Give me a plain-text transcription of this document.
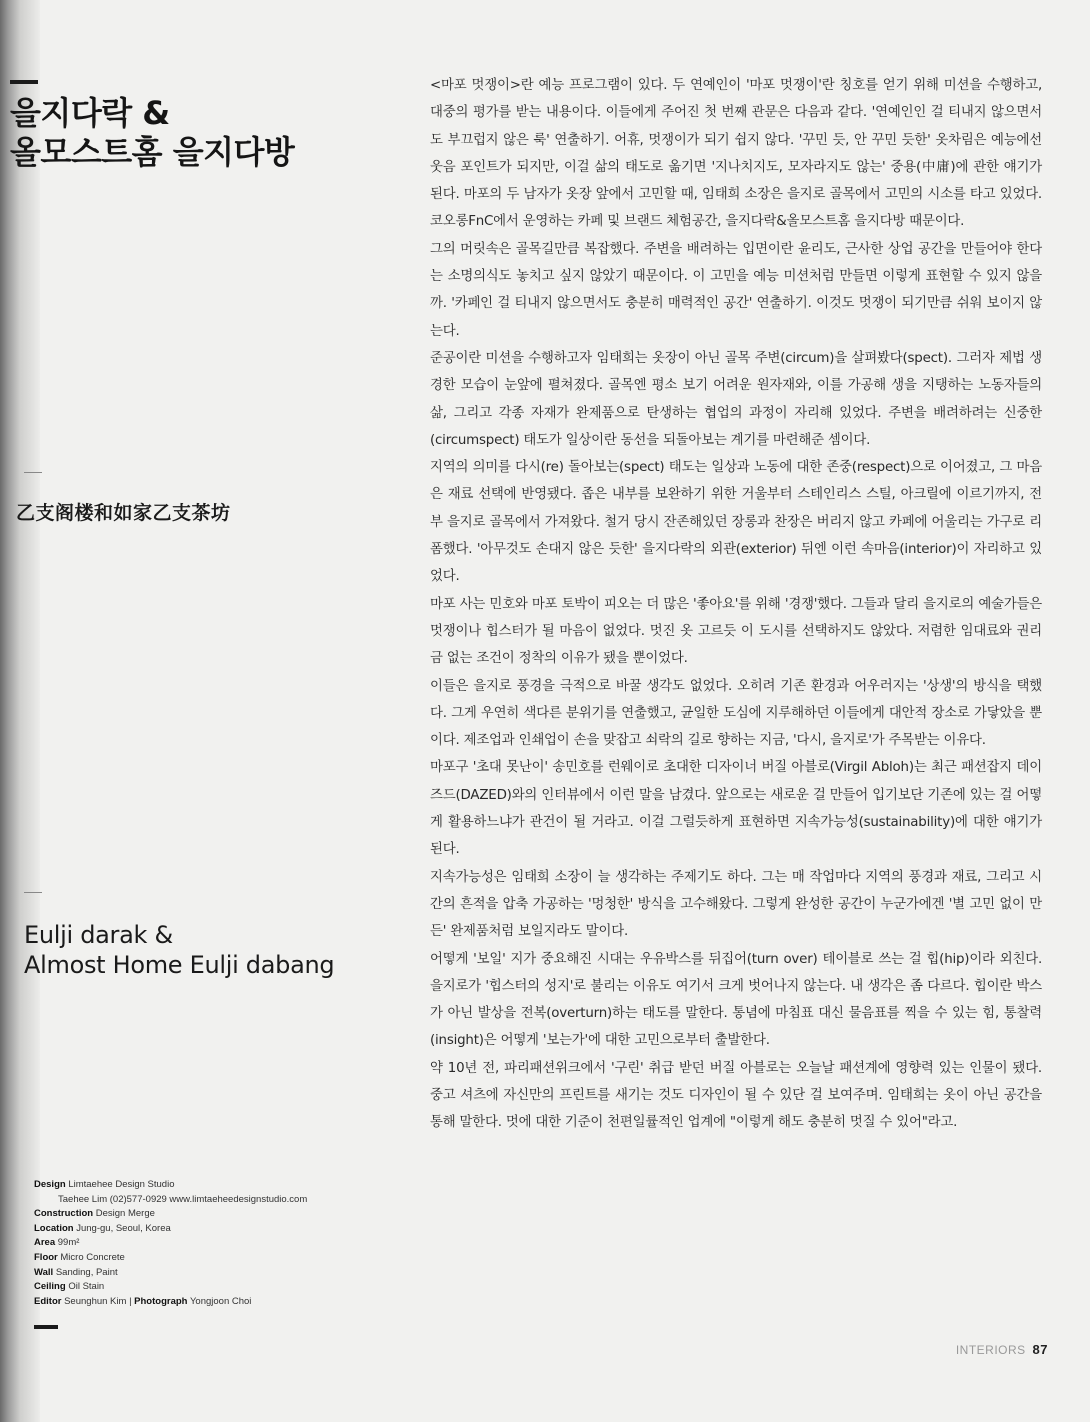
을지다락 &
올모스트홈 을지다방
乙支阁楼和如家乙支茶坊
Eulji darak &
Almost Home Eulji dabang
Design Limtaehee Design Studio
Taehee Lim (02)577-0929 www.limtaeheedesignstudio.com
Construction Design Merge
Location Jung-gu, Seoul, Korea
Area 99m²
Floor Micro Concrete
Wall Sanding, Paint
Ceiling Oil Stain
Editor Seunghun Kim | Photograph Yongjoon Choi

<마포 멋쟁이>란 예능 프로그램이 있다. 두 연예인이 '마포 멋쟁이'란 칭호를 얻기 위해 미션을 수행하고, 대중의 평가를 받는 내용이다. 이들에게 주어진 첫 번째 관문은 다음과 같다. '연예인인 걸 티내지 않으면서도 부끄럽지 않은 룩' 연출하기. 어휴, 멋쟁이가 되기 쉽지 않다. '꾸민 듯, 안 꾸민 듯한' 옷차림은 예능에선 웃음 포인트가 되지만, 이걸 삶의 태도로 옮기면 '지나치지도, 모자라지도 않는' 중용(中庸)에 관한 얘기가 된다. 마포의 두 남자가 옷장 앞에서 고민할 때, 임태희 소장은 을지로 골목에서 고민의 시소를 타고 있었다. 코오롱FnC에서 운영하는 카페 및 브랜드 체험공간, 을지다락&올모스트홈 을지다방 때문이다.

그의 머릿속은 골목길만큼 복잡했다. 주변을 배려하는 입면이란 윤리도, 근사한 상업 공간을 만들어야 한다는 소명의식도 놓치고 싶지 않았기 때문이다. 이 고민을 예능 미션처럼 만들면 이렇게 표현할 수 있지 않을까. '카페인 걸 티내지 않으면서도 충분히 매력적인 공간' 연출하기. 이것도 멋쟁이 되기만큼 쉬워 보이지 않는다.

준공이란 미션을 수행하고자 임태희는 옷장이 아닌 골목 주변(circum)을 살펴봤다(spect). 그러자 제법 생경한 모습이 눈앞에 펼쳐졌다. 골목엔 평소 보기 어려운 원자재와, 이를 가공해 생을 지탱하는 노동자들의 삶, 그리고 각종 자재가 완제품으로 탄생하는 협업의 과정이 자리해 있었다. 주변을 배려하려는 신중한(circumspect) 태도가 일상이란 동선을 되돌아보는 계기를 마련해준 셈이다.

지역의 의미를 다시(re) 돌아보는(spect) 태도는 일상과 노동에 대한 존중(respect)으로 이어졌고, 그 마음은 재료 선택에 반영됐다. 좁은 내부를 보완하기 위한 거울부터 스테인리스 스틸, 아크릴에 이르기까지, 전부 을지로 골목에서 가져왔다. 철거 당시 잔존해있던 장롱과 찬장은 버리지 않고 카페에 어울리는 가구로 리폼했다. '아무것도 손대지 않은 듯한' 을지다락의 외관(exterior) 뒤엔 이런 속마음(interior)이 자리하고 있었다.

마포 사는 민호와 마포 토박이 피오는 더 많은 '좋아요'를 위해 '경쟁'했다. 그들과 달리 을지로의 예술가들은 멋쟁이나 힙스터가 될 마음이 없었다. 멋진 옷 고르듯 이 도시를 선택하지도 않았다. 저렴한 임대료와 권리금 없는 조건이 정착의 이유가 됐을 뿐이었다.

이들은 을지로 풍경을 극적으로 바꿀 생각도 없었다. 오히려 기존 환경과 어우러지는 '상생'의 방식을 택했다. 그게 우연히 색다른 분위기를 연출했고, 균일한 도심에 지루해하던 이들에게 대안적 장소로 가닿았을 뿐이다. 제조업과 인쇄업이 손을 맞잡고 쇠락의 길로 향하는 지금, '다시, 을지로'가 주목받는 이유다.

마포구 '초대 못난이' 송민호를 런웨이로 초대한 디자이너 버질 아블로(Virgil Abloh)는 최근 패션잡지 데이즈드(DAZED)와의 인터뷰에서 이런 말을 남겼다. 앞으로는 새로운 걸 만들어 입기보단 기존에 있는 걸 어떻게 활용하느냐가 관건이 될 거라고. 이걸 그럴듯하게 표현하면 지속가능성(sustainability)에 대한 얘기가 된다.

지속가능성은 임태희 소장이 늘 생각하는 주제기도 하다. 그는 매 작업마다 지역의 풍경과 재료, 그리고 시간의 흔적을 압축 가공하는 '멍청한' 방식을 고수해왔다. 그렇게 완성한 공간이 누군가에겐 '별 고민 없이 만든' 완제품처럼 보일지라도 말이다.

어떻게 '보일' 지가 중요해진 시대는 우유박스를 뒤집어(turn over) 테이블로 쓰는 걸 힙(hip)이라 외친다. 을지로가 '힙스터의 성지'로 불리는 이유도 여기서 크게 벗어나지 않는다. 내 생각은 좀 다르다. 힙이란 박스가 아닌 발상을 전복(overturn)하는 태도를 말한다. 통념에 마침표 대신 물음표를 찍을 수 있는 힘, 통찰력(insight)은 어떻게 '보는가'에 대한 고민으로부터 출발한다.

약 10년 전, 파리패션위크에서 '구린' 취급 받던 버질 아블로는 오늘날 패션계에 영향력 있는 인물이 됐다. 중고 셔츠에 자신만의 프린트를 새기는 것도 디자인이 될 수 있단 걸 보여주며. 임태희는 옷이 아닌 공간을 통해 말한다. 멋에 대한 기준이 천편일률적인 업계에 "이렇게 해도 충분히 멋질 수 있어"라고.

INTERIORS 87
